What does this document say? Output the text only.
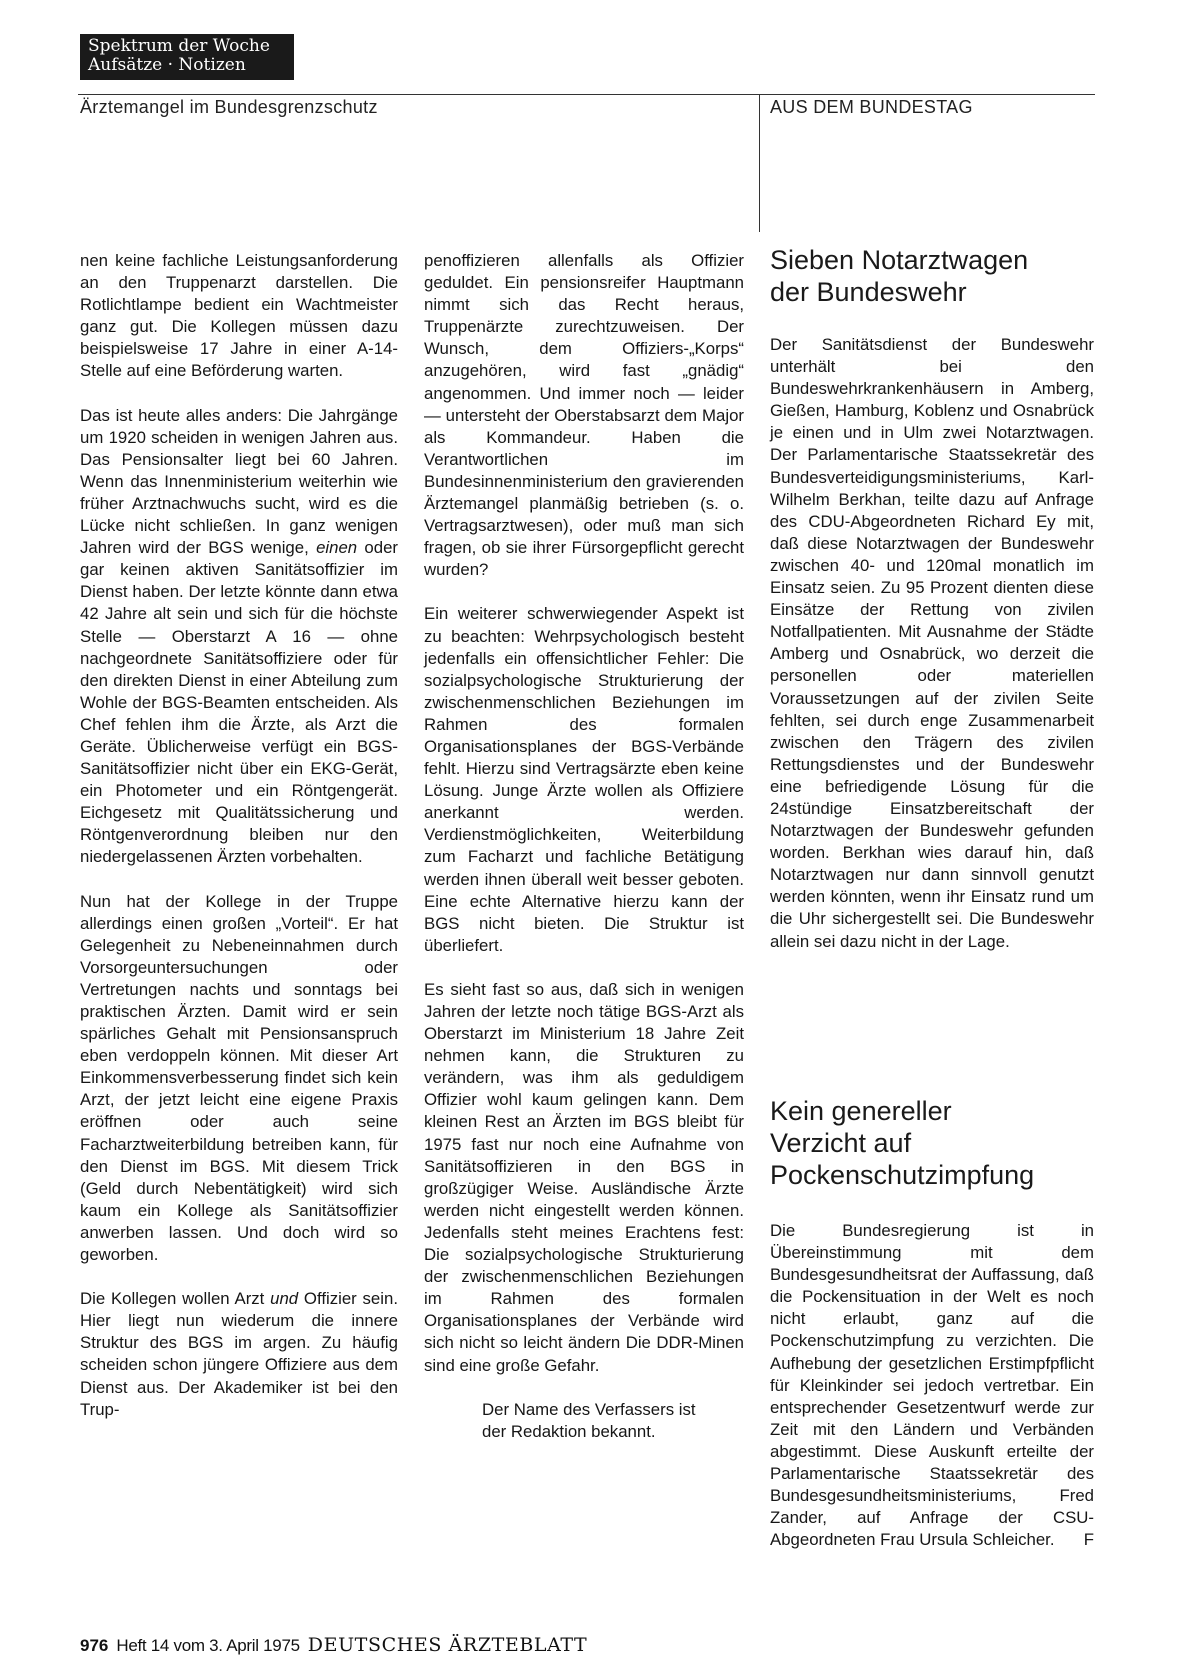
Spektrum der Woche
Aufsätze · Notizen
Ärztemangel im Bundesgrenzschutz	AUS DEM BUNDESTAG

nen keine fachliche Leistungsanforderung an den Truppenarzt darstellen. Die Rotlichtlampe bedient ein Wachtmeister ganz gut. Die Kollegen müssen dazu beispielsweise 17 Jahre in einer A-14-Stelle auf eine Beförderung warten.

Das ist heute alles anders: Die Jahrgänge um 1920 scheiden in wenigen Jahren aus. Das Pensionsalter liegt bei 60 Jahren. Wenn das Innenministerium weiterhin wie früher Arztnachwuchs sucht, wird es die Lücke nicht schließen. In ganz wenigen Jahren wird der BGS wenige, einen oder gar keinen aktiven Sanitätsoffizier im Dienst haben. Der letzte könnte dann etwa 42 Jahre alt sein und sich für die höchste Stelle — Oberstarzt A 16 — ohne nachgeordnete Sanitätsoffiziere oder für den direkten Dienst in einer Abteilung zum Wohle der BGS-Beamten entscheiden. Als Chef fehlen ihm die Ärzte, als Arzt die Geräte. Üblicherweise verfügt ein BGS-Sanitätsoffizier nicht über ein EKG-Gerät, ein Photometer und ein Röntgengerät. Eichgesetz mit Qualitätssicherung und Röntgenverordnung bleiben nur den niedergelassenen Ärzten vorbehalten.

Nun hat der Kollege in der Truppe allerdings einen großen „Vorteil“. Er hat Gelegenheit zu Nebeneinnahmen durch Vorsorgeuntersuchungen oder Vertretungen nachts und sonntags bei praktischen Ärzten. Damit wird er sein spärliches Gehalt mit Pensionsanspruch eben verdoppeln können. Mit dieser Art Einkommensverbesserung findet sich kein Arzt, der jetzt leicht eine eigene Praxis eröffnen oder auch seine Facharztweiterbildung betreiben kann, für den Dienst im BGS. Mit diesem Trick (Geld durch Nebentätigkeit) wird sich kaum ein Kollege als Sanitätsoffizier anwerben lassen. Und doch wird so geworben.

Die Kollegen wollen Arzt und Offizier sein. Hier liegt nun wiederum die innere Struktur des BGS im argen. Zu häufig scheiden schon jüngere Offiziere aus dem Dienst aus. Der Akademiker ist bei den Trup-

penoffizieren allenfalls als Offizier geduldet. Ein pensionsreifer Hauptmann nimmt sich das Recht heraus, Truppenärzte zurechtzuweisen. Der Wunsch, dem Offiziers-„Korps“ anzugehören, wird fast „gnädig“ angenommen. Und immer noch — leider — untersteht der Oberstabsarzt dem Major als Kommandeur. Haben die Verantwortlichen im Bundesinnenministerium den gravierenden Ärztemangel planmäßig betrieben (s. o. Vertragsarztwesen), oder muß man sich fragen, ob sie ihrer Fürsorgepflicht gerecht wurden?

Ein weiterer schwerwiegender Aspekt ist zu beachten: Wehrpsychologisch besteht jedenfalls ein offensichtlicher Fehler: Die sozialpsychologische Strukturierung der zwischenmenschlichen Beziehungen im Rahmen des formalen Organisationsplanes der BGS-Verbände fehlt. Hierzu sind Vertragsärzte eben keine Lösung. Junge Ärzte wollen als Offiziere anerkannt werden. Verdienstmöglichkeiten, Weiterbildung zum Facharzt und fachliche Betätigung werden ihnen überall weit besser geboten. Eine echte Alternative hierzu kann der BGS nicht bieten. Die Struktur ist überliefert.

Es sieht fast so aus, daß sich in wenigen Jahren der letzte noch tätige BGS-Arzt als Oberstarzt im Ministerium 18 Jahre Zeit nehmen kann, die Strukturen zu verändern, was ihm als geduldigem Offizier wohl kaum gelingen kann. Dem kleinen Rest an Ärzten im BGS bleibt für 1975 fast nur noch eine Aufnahme von Sanitätsoffizieren in den BGS in großzügiger Weise. Ausländische Ärzte werden nicht eingestellt werden können. Jedenfalls steht meines Erachtens fest: Die sozialpsychologische Strukturierung der zwischenmenschlichen Beziehungen im Rahmen des formalen Organisationsplanes der Verbände wird sich nicht so leicht ändern Die DDR-Minen sind eine große Gefahr.

Der Name des Verfassers ist
der Redaktion bekannt.

Sieben Notarztwagen
der Bundeswehr

Der Sanitätsdienst der Bundeswehr unterhält bei den Bundeswehrkrankenhäusern in Amberg, Gießen, Hamburg, Koblenz und Osnabrück je einen und in Ulm zwei Notarztwagen. Der Parlamentarische Staatssekretär des Bundesverteidigungsministeriums, Karl-Wilhelm Berkhan, teilte dazu auf Anfrage des CDU-Abgeordneten Richard Ey mit, daß diese Notarztwagen der Bundeswehr zwischen 40- und 120mal monatlich im Einsatz seien. Zu 95 Prozent dienten diese Einsätze der Rettung von zivilen Notfallpatienten. Mit Ausnahme der Städte Amberg und Osnabrück, wo derzeit die personellen oder materiellen Voraussetzungen auf der zivilen Seite fehlten, sei durch enge Zusammenarbeit zwischen den Trägern des zivilen Rettungsdienstes und der Bundeswehr eine befriedigende Lösung für die 24stündige Einsatzbereitschaft der Notarztwagen der Bundeswehr gefunden worden. Berkhan wies darauf hin, daß Notarztwagen nur dann sinnvoll genutzt werden könnten, wenn ihr Einsatz rund um die Uhr sichergestellt sei. Die Bundeswehr allein sei dazu nicht in der Lage.

Kein genereller
Verzicht auf
Pockenschutzimpfung

Die Bundesregierung ist in Übereinstimmung mit dem Bundesgesundheitsrat der Auffassung, daß die Pockensituation in der Welt es noch nicht erlaubt, ganz auf die Pockenschutzimpfung zu verzichten. Die Aufhebung der gesetzlichen Erstimpfpflicht für Kleinkinder sei jedoch vertretbar. Ein entsprechender Gesetzentwurf werde zur Zeit mit den Ländern und Verbänden abgestimmt. Diese Auskunft erteilte der Parlamentarische Staatssekretär des Bundesgesundheitsministeriums, Fred Zander, auf Anfrage der CSU-Abgeordneten Frau Ursula Schleicher. F

976 Heft 14 vom 3. April 1975 DEUTSCHES ÄRZTEBLATT
